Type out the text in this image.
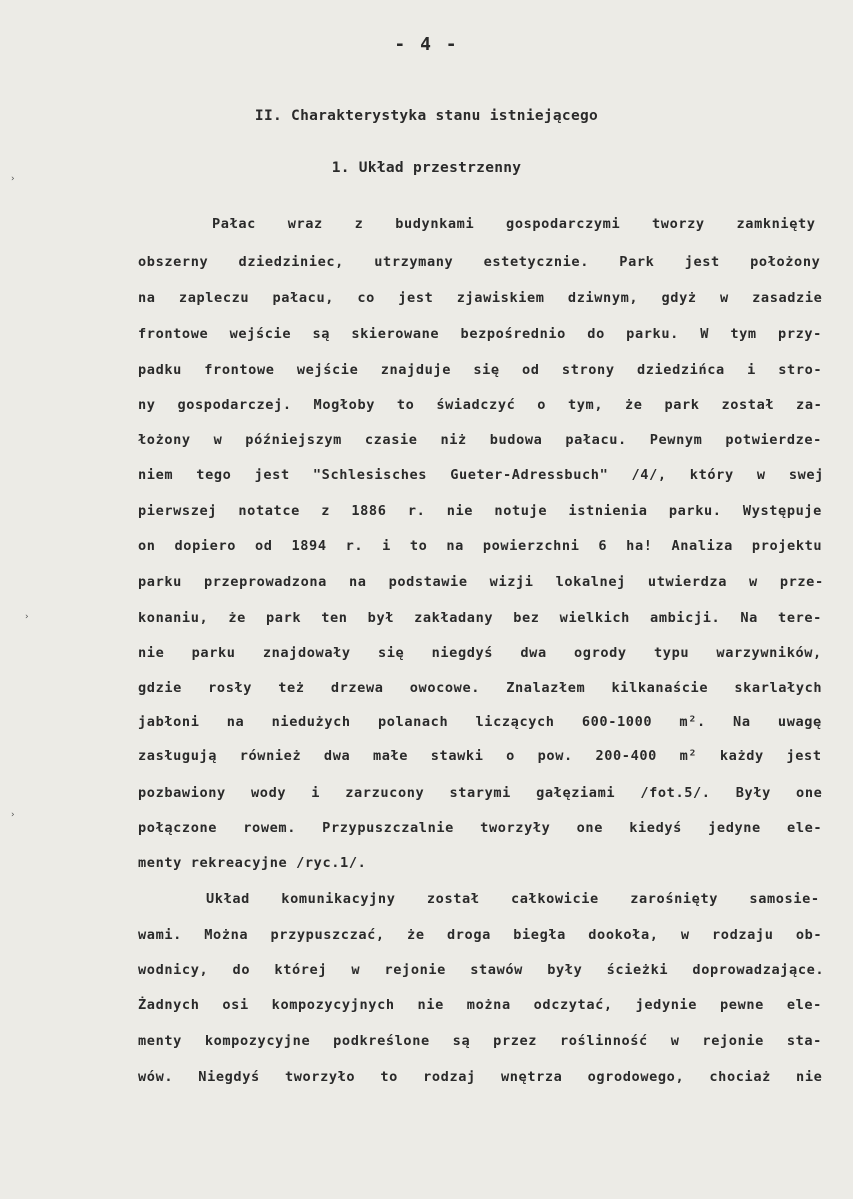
- 4 -
II. Charakterystyka stanu istniejącego
1. Układ przestrzenny
›
›
›
Pałac wraz z budynkami gospodarczymi tworzy zamknięty
obszerny dziedziniec, utrzymany estetycznie. Park jest położony
na zapleczu pałacu, co jest zjawiskiem dziwnym, gdyż w zasadzie
frontowe wejście są skierowane bezpośrednio do parku. W tym przy-
padku frontowe wejście znajduje się od strony dziedzińca i stro-
ny gospodarczej. Mogłoby to świadczyć o tym, że park został za-
łożony w późniejszym czasie niż budowa pałacu. Pewnym potwierdze-
niem tego jest "Schlesisches Gueter-Adressbuch" /4/, który w swej
pierwszej notatce z 1886 r. nie notuje istnienia parku. Występuje
on dopiero od 1894 r. i to na powierzchni 6 ha! Analiza projektu
parku przeprowadzona na podstawie wizji lokalnej utwierdza w prze-
konaniu, że park ten był zakładany bez wielkich ambicji. Na tere-
nie parku znajdowały się niegdyś dwa ogrody typu warzywników,
gdzie rosły też drzewa owocowe. Znalazłem kilkanaście skarlałych
jabłoni na niedużych polanach liczących 600-1000 m². Na uwagę
zasługują również dwa małe stawki o pow. 200-400 m² każdy jest
pozbawiony wody i zarzucony starymi gałęziami /fot.5/. Były one
połączone rowem. Przypuszczalnie tworzyły one kiedyś jedyne ele-
menty rekreacyjne /ryc.1/.
Układ komunikacyjny został całkowicie zarośnięty samosie-
wami. Można przypuszczać, że droga biegła dookoła, w rodzaju ob-
wodnicy, do której w rejonie stawów były ścieżki doprowadzające.
Żadnych osi kompozycyjnych nie można odczytać, jedynie pewne ele-
menty kompozycyjne podkreślone są przez roślinność w rejonie sta-
wów. Niegdyś tworzyło to rodzaj wnętrza ogrodowego, chociaż nie
